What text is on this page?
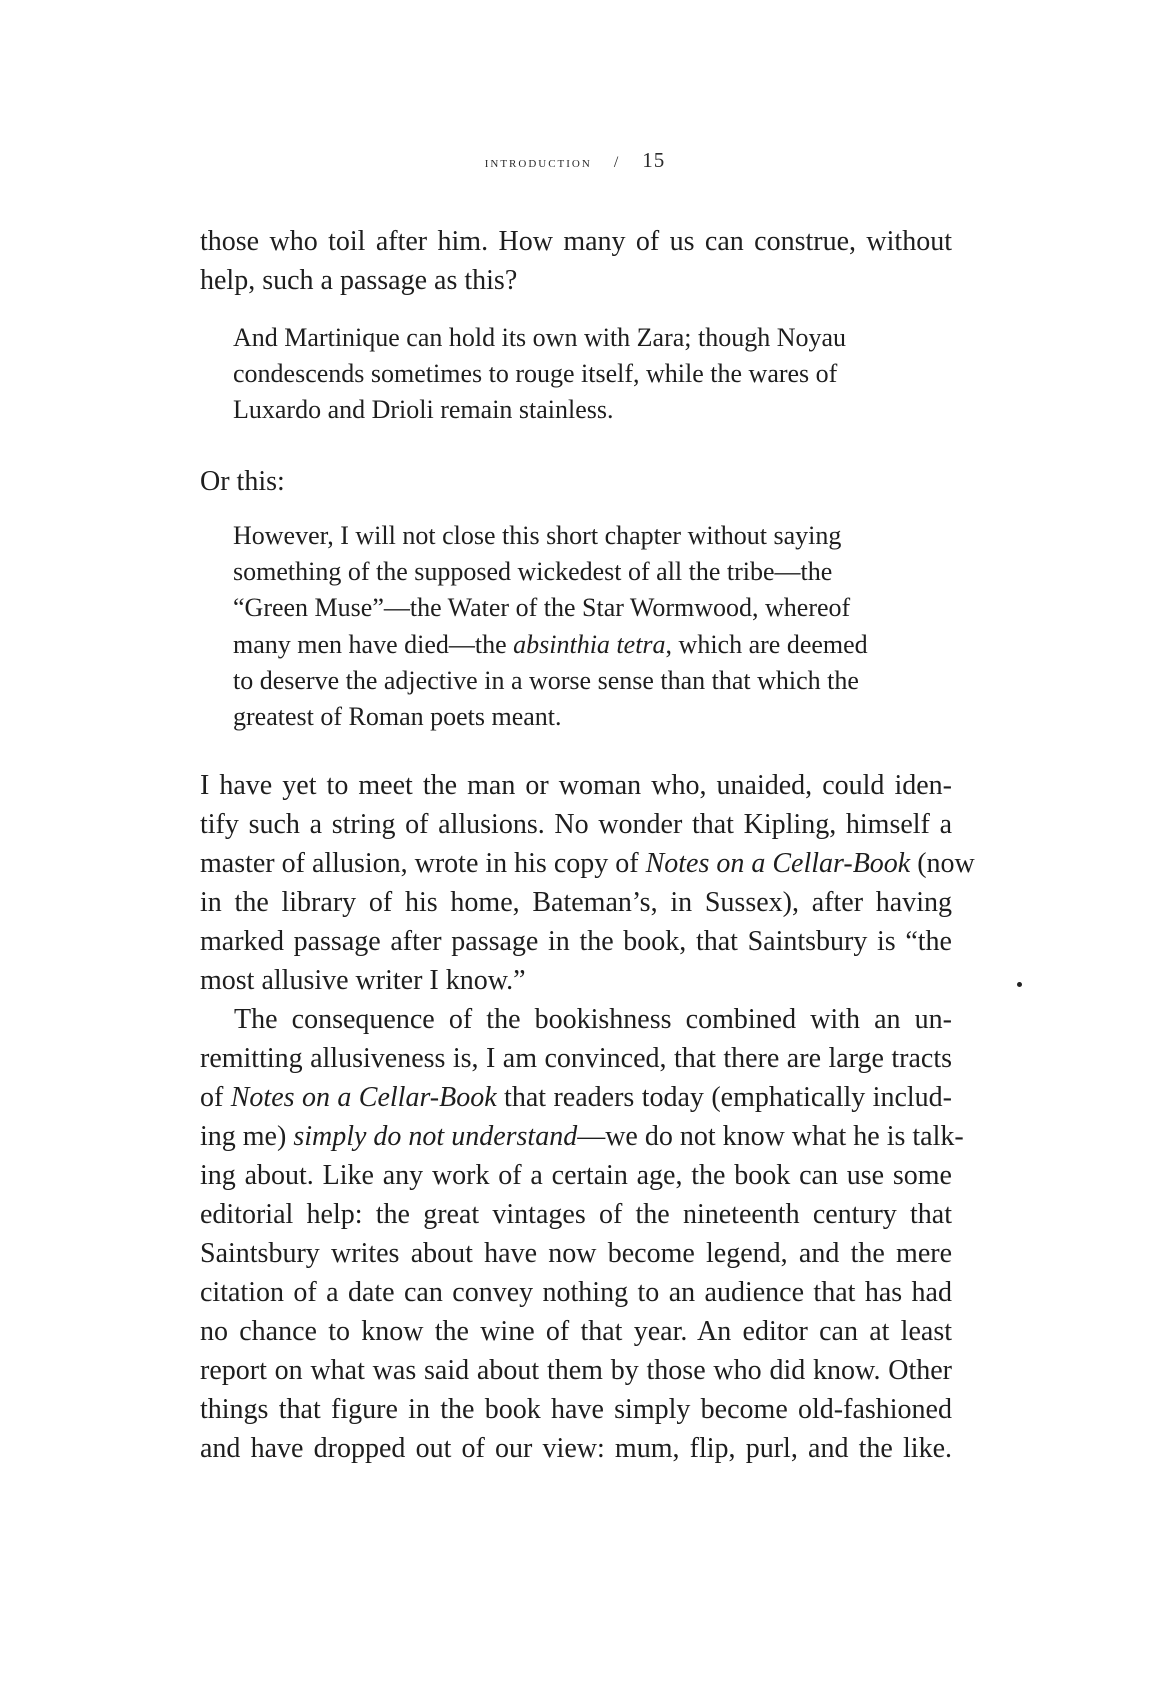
introduction / 15
those who toil after him. How many of us can construe, without
help, such a passage as this?
And Martinique can hold its own with Zara; though Noyau
condescends sometimes to rouge itself, while the wares of
Luxardo and Drioli remain stainless.
Or this:
However, I will not close this short chapter without saying
something of the supposed wickedest of all the tribe—the
“Green Muse”—the Water of the Star Wormwood, whereof
many men have died—the absinthia tetra, which are deemed
to deserve the adjective in a worse sense than that which the
greatest of Roman poets meant.
I have yet to meet the man or woman who, unaided, could iden-
tify such a string of allusions. No wonder that Kipling, himself a
master of allusion, wrote in his copy of Notes on a Cellar-Book (now
in the library of his home, Bateman’s, in Sussex), after having
marked passage after passage in the book, that Saintsbury is “the
most allusive writer I know.”
The consequence of the bookishness combined with an un-
remitting allusiveness is, I am convinced, that there are large tracts
of Notes on a Cellar-Book that readers today (emphatically includ-
ing me) simply do not understand—we do not know what he is talk-
ing about. Like any work of a certain age, the book can use some
editorial help: the great vintages of the nineteenth century that
Saintsbury writes about have now become legend, and the mere
citation of a date can convey nothing to an audience that has had
no chance to know the wine of that year. An editor can at least
report on what was said about them by those who did know. Other
things that figure in the book have simply become old-fashioned
and have dropped out of our view: mum, flip, purl, and the like.
